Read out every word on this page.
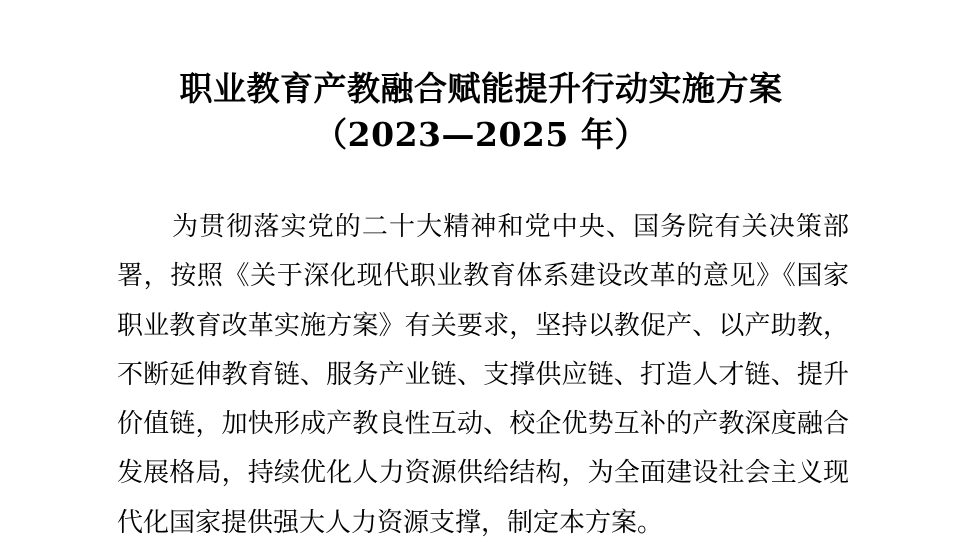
职业教育产教融合赋能提升行动实施方案
（2023—2025 年）
为贯彻落实党的二十大精神和党中央、国务院有关决策部
署，按照《关于深化现代职业教育体系建设改革的意见》《国家
职业教育改革实施方案》有关要求，坚持以教促产、以产助教，
不断延伸教育链、服务产业链、支撑供应链、打造人才链、提升
价值链，加快形成产教良性互动、校企优势互补的产教深度融合
发展格局，持续优化人力资源供给结构，为全面建设社会主义现
代化国家提供强大人力资源支撑，制定本方案。
